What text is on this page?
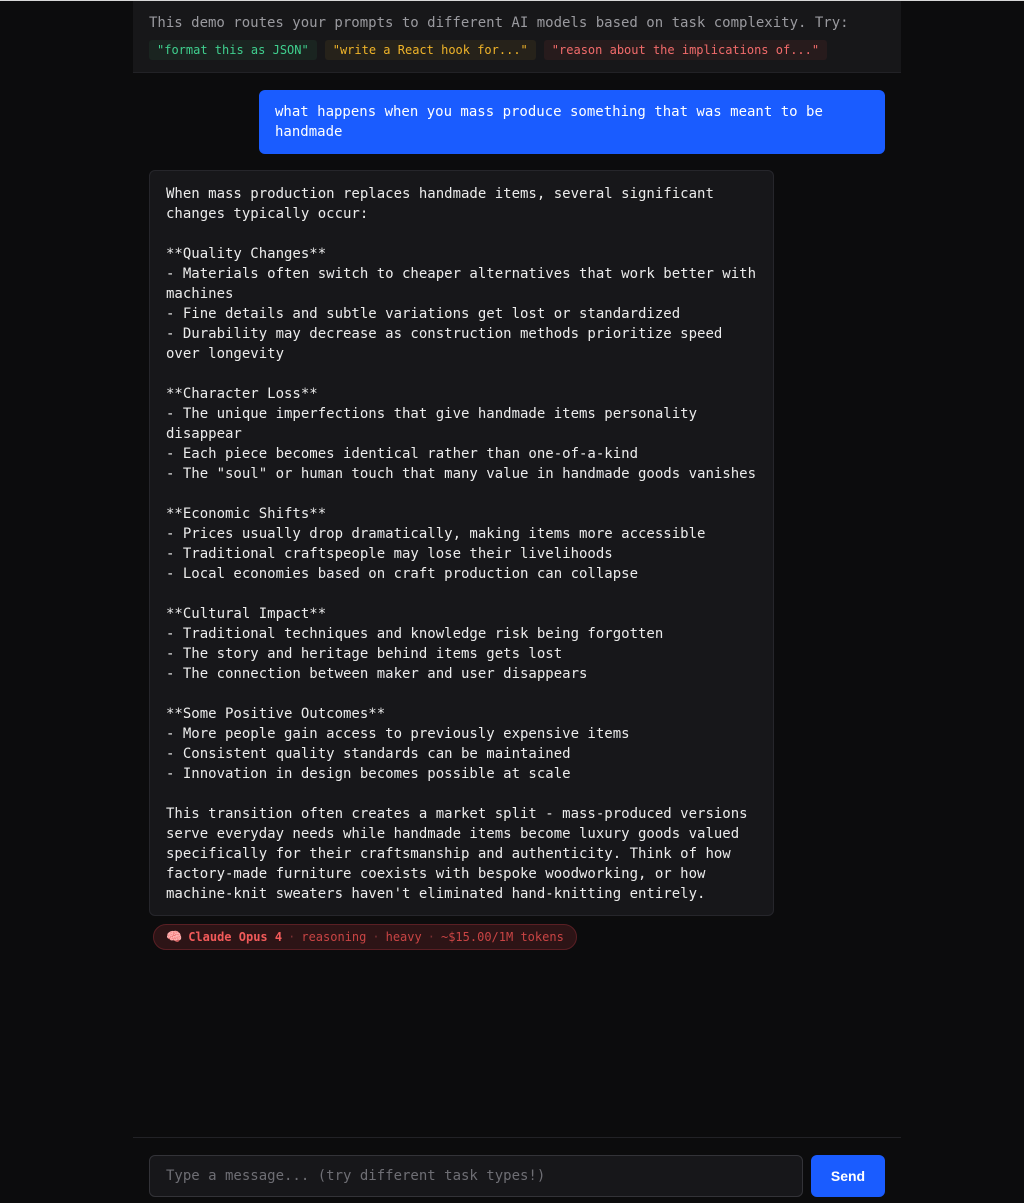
This demo routes your prompts to different AI models based on task complexity. Try:
"format this as JSON"	"write a React hook for..."	"reason about the implications of..."
what happens when you mass produce something that was meant to be handmade
When mass production replaces handmade items, several significant changes typically occur:

**Quality Changes**
- Materials often switch to cheaper alternatives that work better with machines
- Fine details and subtle variations get lost or standardized
- Durability may decrease as construction methods prioritize speed over longevity

**Character Loss**
- The unique imperfections that give handmade items personality disappear
- Each piece becomes identical rather than one-of-a-kind
- The "soul" or human touch that many value in handmade goods vanishes

**Economic Shifts**
- Prices usually drop dramatically, making items more accessible
- Traditional craftspeople may lose their livelihoods
- Local economies based on craft production can collapse

**Cultural Impact**
- Traditional techniques and knowledge risk being forgotten
- The story and heritage behind items gets lost
- The connection between maker and user disappears

**Some Positive Outcomes**
- More people gain access to previously expensive items
- Consistent quality standards can be maintained
- Innovation in design becomes possible at scale

This transition often creates a market split - mass-produced versions serve everyday needs while handmade items become luxury goods valued specifically for their craftsmanship and authenticity. Think of how factory-made furniture coexists with bespoke woodworking, or how machine-knit sweaters haven't eliminated hand-knitting entirely.
🧠 Claude Opus 4 · reasoning · heavy · ~$15.00/1M tokens
Type a message... (try different task types!)
Send
